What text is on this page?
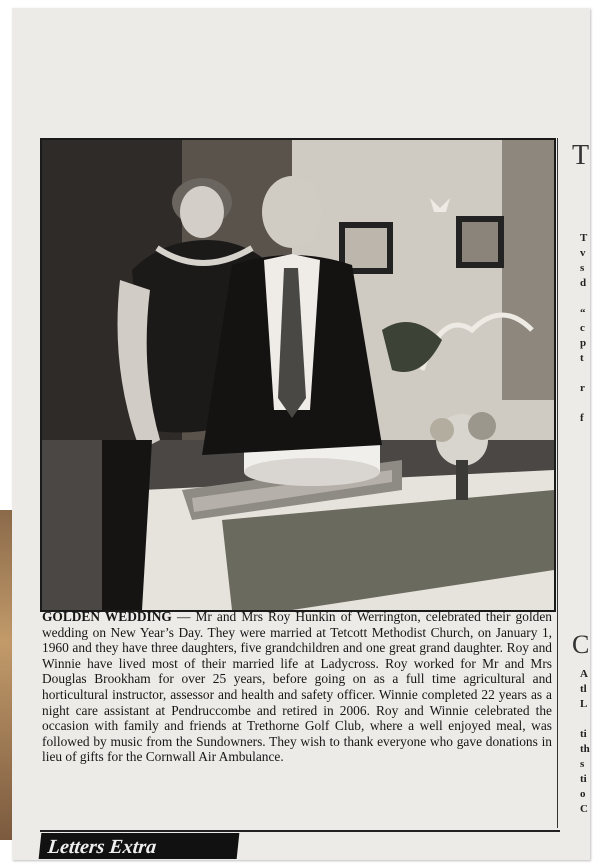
GOLDEN WEDDING — Mr and Mrs Roy Hunkin of Werrington, celebrated their golden wedding on New Year’s Day. They were married at Tetcott Methodist Church, on January 1, 1960 and they have three daughters, five grandchildren and one great grand daughter. Roy and Winnie have lived most of their married life at Ladycross. Roy worked for Mr and Mrs Douglas Brookham for over 25 years, before going on as a full time agricultural and horticultural instructor, assessor and health and safety officer. Winnie completed 22 years as a night care assistant at Pendruccombe and retired in 2006. Roy and Winnie celebrated the occasion with family and friends at Trethorne Golf Club, where a well enjoyed meal, was followed by music from the Sundowners. They wish to thank everyone who gave donations in lieu of gifts for the Cornwall Air Ambulance.
T
T
v
s
d
“
c
p
t
r
f
C
A
tl
L
ti
th
s
ti
o
C
Letters Extra
